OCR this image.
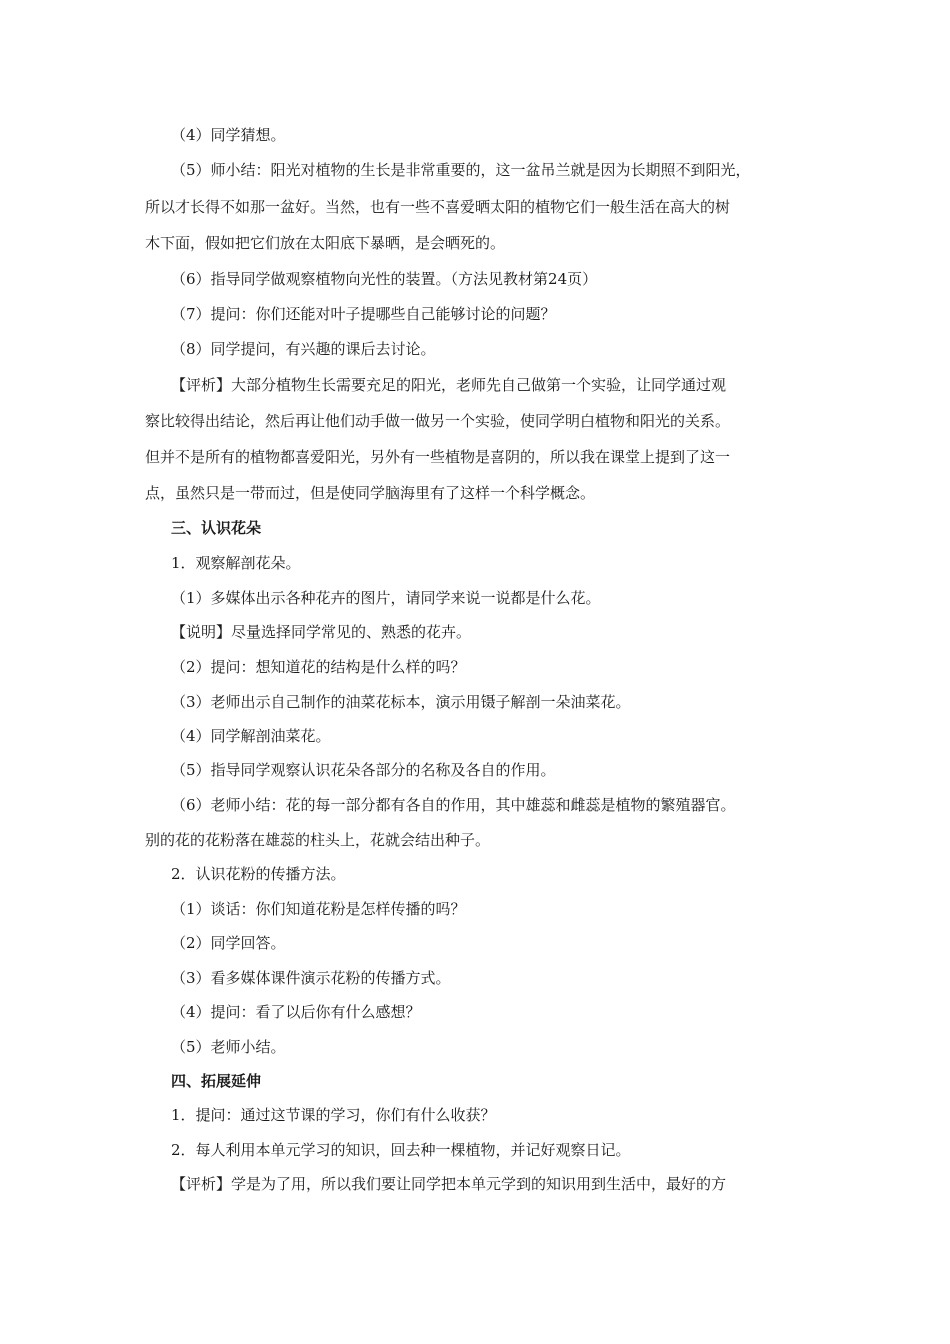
（4）同学猜想。
（5）师小结：阳光对植物的生长是非常重要的，这一盆吊兰就是因为长期照不到阳光，
所以才长得不如那一盆好。当然，也有一些不喜爱晒太阳的植物它们一般生活在高大的树
木下面，假如把它们放在太阳底下暴晒，是会晒死的。
（6）指导同学做观察植物向光性的装置。（方法见教材第24页）
（7）提问：你们还能对叶子提哪些自己能够讨论的问题？
（8）同学提问，有兴趣的课后去讨论。
【评析】大部分植物生长需要充足的阳光，老师先自己做第一个实验，让同学通过观
察比较得出结论，然后再让他们动手做一做另一个实验，使同学明白植物和阳光的关系。
但并不是所有的植物都喜爱阳光，另外有一些植物是喜阴的，所以我在课堂上提到了这一
点，虽然只是一带而过，但是使同学脑海里有了这样一个科学概念。
三、认识花朵
1．观察解剖花朵。
（1）多媒体出示各种花卉的图片，请同学来说一说都是什么花。
【说明】尽量选择同学常见的、熟悉的花卉。
（2）提问：想知道花的结构是什么样的吗？
（3）老师出示自己制作的油菜花标本，演示用镊子解剖一朵油菜花。
（4）同学解剖油菜花。
（5）指导同学观察认识花朵各部分的名称及各自的作用。
（6）老师小结：花的每一部分都有各自的作用，其中雄蕊和雌蕊是植物的繁殖器官。
别的花的花粉落在雄蕊的柱头上，花就会结出种子。
2．认识花粉的传播方法。
（1）谈话：你们知道花粉是怎样传播的吗？
（2）同学回答。
（3）看多媒体课件演示花粉的传播方式。
（4）提问：看了以后你有什么感想？
（5）老师小结。
四、拓展延伸
1．提问：通过这节课的学习，你们有什么收获？
2．每人利用本单元学习的知识，回去种一棵植物，并记好观察日记。
【评析】学是为了用，所以我们要让同学把本单元学到的知识用到生活中，最好的方
